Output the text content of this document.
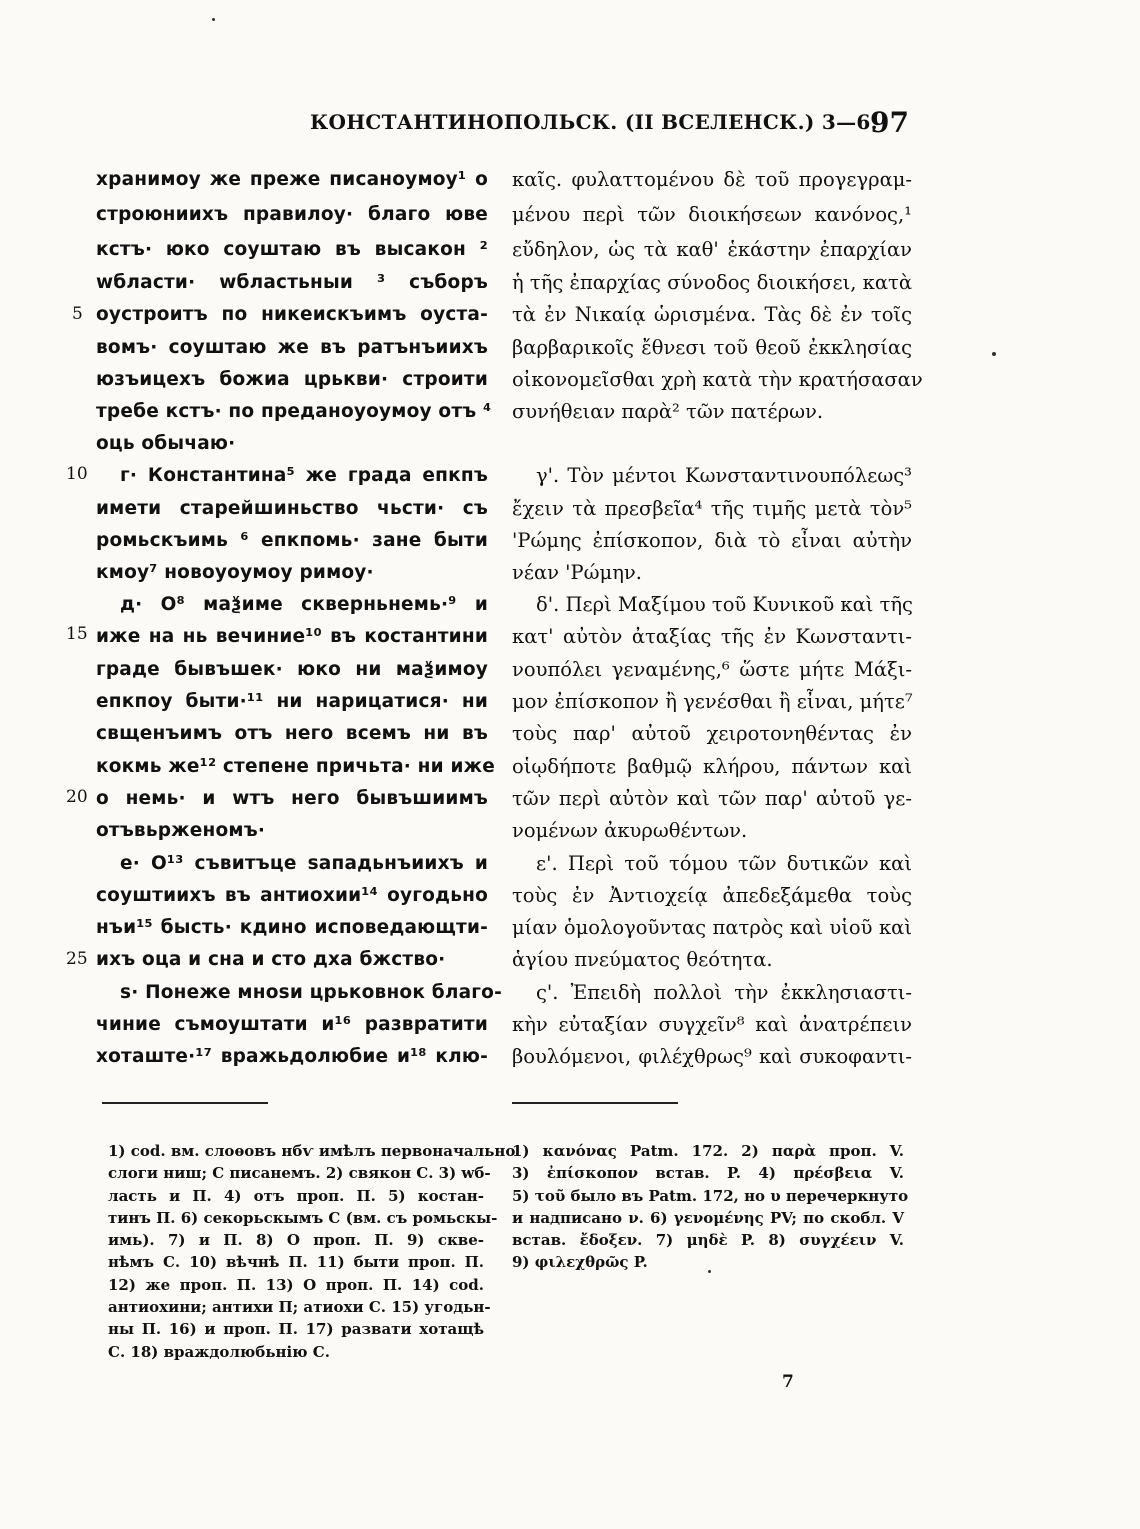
КОНСТАНТИНОПОЛЬСК. (II ВСЕЛЕНСК.) 3—6.
97
5
10
15
20
25
хранимоу же преже писаноумоу¹ о
строюниихъ правилоу· благо юве
кстъ· юко соуштаю въ высакон ²
wбласти· wбластьныи ³ съборъ
оустроитъ по никеискъимъ оуста-
вомъ· соуштаю же въ ратънъиихъ
юзъицехъ божиа црькви· строити
требе кстъ· по преданоуоумоу отъ ⁴
оць обычаю·
г· Константина⁵ же града епкпъ
имети старейшиньство чьсти· съ
ромьскъимь ⁶ епкпомь· зане быти
кмоу⁷ новоуоумоу римоу·
д· О⁸ маѯиме скверньнемь·⁹ и
иже на нь вечиние¹⁰ въ костантини
граде бывъшек· юко ни маѯимоу
епкпоу быти·¹¹ ни нарицатися· ни
свщенъимъ отъ него всемъ ни въ
кокмь же¹² степене причьта· ни иже
о немь· и wтъ него бывъшиимъ
отъвьрженомъ·
е· О¹³ съвитъце ѕападьнъиихъ и
соуштиихъ въ антиохии¹⁴ оугодьно
нъи¹⁵ бысть· кдино исповедающти-
ихъ оца и сна и сто дха бжство·
ѕ· Понеже мноѕи црьковнок благо-
чиние съмоуштати и¹⁶ развратити
хоташте·¹⁷ вражьдолюбие и¹⁸ клю-
καῖς. φυλαττομένου δὲ τοῦ προγεγραμ-
μένου περὶ τῶν διοικήσεων κανόνος,¹
εὔδηλον, ὡς τὰ καθ' ἑκάστην ἐπαρχίαν
ἡ τῆς ἐπαρχίας σύνοδος διοικήσει, κατὰ
τὰ ἐν Νικαίᾳ ὡρισμένα. Τὰς δὲ ἐν τοῖς
βαρβαρικοῖς ἔθνεσι τοῦ θεοῦ ἐκκλησίας
οἰκονομεῖσθαι χρὴ κατὰ τὴν κρατήσασαν
συνήθειαν παρὰ² τῶν πατέρων.
γ'. Τὸν μέντοι Κωνσταντινουπόλεως³
ἔχειν τὰ πρεσβεῖα⁴ τῆς τιμῆς μετὰ τὸν⁵
'Ρώμης ἐπίσκοπον, διὰ τὸ εἶναι αὐτὴν
νέαν 'Ρώμην.
δ'. Περὶ Μαξίμου τοῦ Κυνικοῦ καὶ τῆς
κατ' αὐτὸν ἀταξίας τῆς ἐν Κωνσταντι-
νουπόλει γεναμένης,⁶ ὥστε μήτε Μάξι-
μον ἐπίσκοπον ἢ γενέσθαι ἢ εἶναι, μήτε⁷
τοὺς παρ' αὐτοῦ χειροτονηθέντας ἐν
οἱῳδήποτε βαθμῷ κλήρου, πάντων καὶ
τῶν περὶ αὐτὸν καὶ τῶν παρ' αὐτοῦ γε-
νομένων ἀκυρωθέντων.
ε'. Περὶ τοῦ τόμου τῶν δυτικῶν καὶ
τοὺς ἐν Ἀντιοχείᾳ ἀπεδεξάμεθα τοὺς
μίαν ὁμολογοῦντας πατρὸς καὶ υἱοῦ καὶ
ἁγίου πνεύματος θεότητα.
ς'. Ἐπειδὴ πολλοὶ τὴν ἐκκλησιαστι-
κὴν εὐταξίαν συγχεῖν⁸ καὶ ἀνατρέπειν
βουλόμενοι, φιλέχθρως⁹ καὶ συκοφαντι-
1) cod. вм. слоѳовъ нбѵ имѣлъ первоначально
слоги ниш; С писанемъ. 2) свякон С. 3) wб-
ласть и П. 4) отъ проп. П. 5) костан-
тинъ П. 6) секорьскымъ С (вм. съ ромьскы-
имь). 7) и П. 8) О проп. П. 9) скве-
нѣмъ С. 10) вѣчнѣ П. 11) быти проп. П.
12) же проп. П. 13) О проп. П. 14) cod.
антиохини; антихи П; атиохи С. 15) угодьн-
ны П. 16) и проп. П. 17) развати хотащѣ
С. 18) враждолюбьнію С.
1) κανόνας Patm. 172. 2) παρὰ проп. V.
3) ἐπίσκοπον встав. P. 4) πρέσβεια V.
5) τοῦ было въ Patm. 172, но υ перечеркнуто
и надписано ν. 6) γενομένης PV; по скобл. V
встав. ἔδοξεν. 7) μηδὲ P. 8) συγχέειν V.
9) φιλεχθρῶς P.
7
